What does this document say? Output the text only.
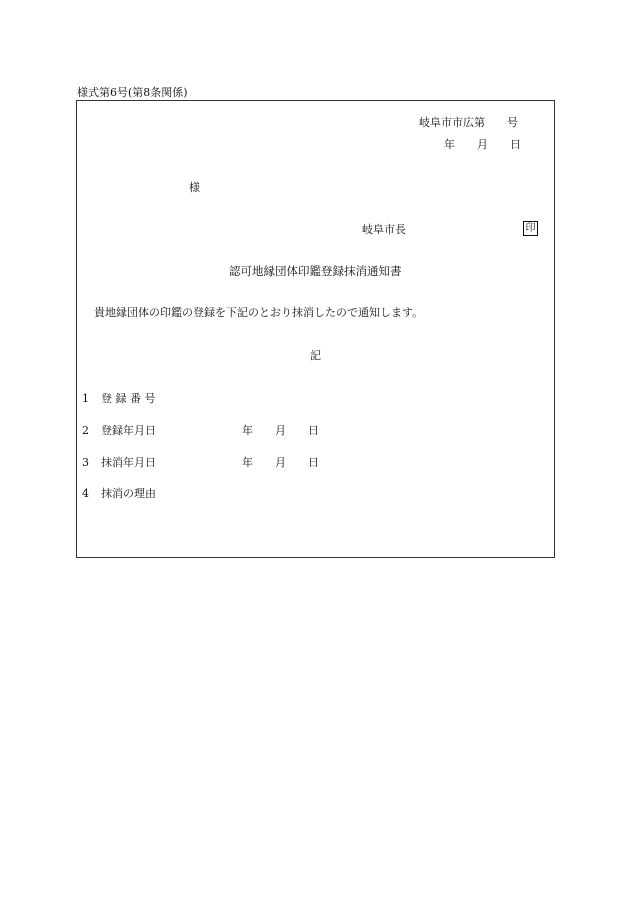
様式第6号(第8条関係)
岐阜市市広第　　号
年　　月　　日
様
岐阜市長	印
認可地縁団体印鑑登録抹消通知書
貴地縁団体の印鑑の登録を下記のとおり抹消したので通知します。
記
1 登 録 番 号
2 登録年月日	年　　月　　日
3 抹消年月日	年　　月　　日
4 抹消の理由
